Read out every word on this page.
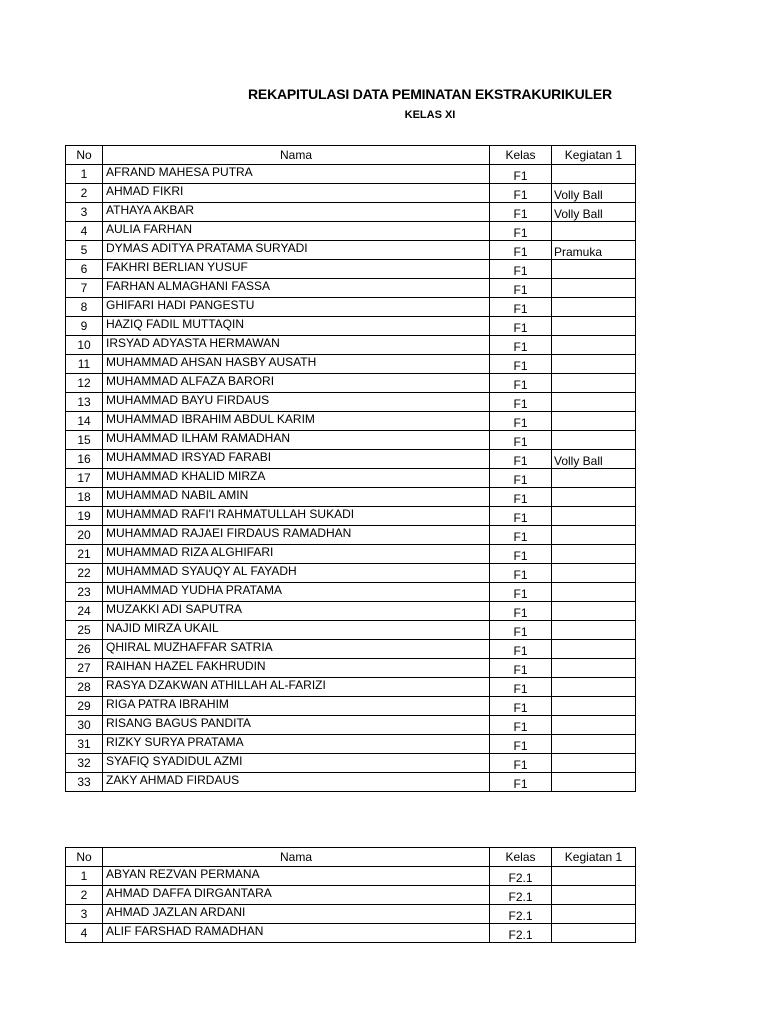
REKAPITULASI DATA PEMINATAN EKSTRAKURIKULER
KELAS XI
No	Nama	Kelas	Kegiatan 1
1	AFRAND MAHESA PUTRA	F1	
2	AHMAD FIKRI	F1	Volly Ball
3	ATHAYA AKBAR	F1	Volly Ball
4	AULIA FARHAN	F1	
5	DYMAS ADITYA PRATAMA SURYADI	F1	Pramuka
6	FAKHRI BERLIAN YUSUF	F1	
7	FARHAN ALMAGHANI FASSA	F1	
8	GHIFARI HADI PANGESTU	F1	
9	HAZIQ FADIL MUTTAQIN	F1	
10	IRSYAD ADYASTA HERMAWAN	F1	
11	MUHAMMAD AHSAN HASBY AUSATH	F1	
12	MUHAMMAD ALFAZA BARORI	F1	
13	MUHAMMAD BAYU FIRDAUS	F1	
14	MUHAMMAD IBRAHIM ABDUL KARIM	F1	
15	MUHAMMAD ILHAM RAMADHAN	F1	
16	MUHAMMAD IRSYAD FARABI	F1	Volly Ball
17	MUHAMMAD KHALID MIRZA	F1	
18	MUHAMMAD NABIL AMIN	F1	
19	MUHAMMAD RAFI'I RAHMATULLAH SUKADI	F1	
20	MUHAMMAD RAJAEI FIRDAUS RAMADHAN	F1	
21	MUHAMMAD RIZA ALGHIFARI	F1	
22	MUHAMMAD SYAUQY AL FAYADH	F1	
23	MUHAMMAD YUDHA PRATAMA	F1	
24	MUZAKKI ADI SAPUTRA	F1	
25	NAJID MIRZA UKAIL	F1	
26	QHIRAL MUZHAFFAR SATRIA	F1	
27	RAIHAN HAZEL FAKHRUDIN	F1	
28	RASYA DZAKWAN ATHILLAH AL-FARIZI	F1	
29	RIGA PATRA IBRAHIM	F1	
30	RISANG BAGUS PANDITA	F1	
31	RIZKY SURYA PRATAMA	F1	
32	SYAFIQ SYADIDUL AZMI	F1	
33	ZAKY AHMAD FIRDAUS	F1	
No	Nama	Kelas	Kegiatan 1
1	ABYAN REZVAN PERMANA	F2.1	
2	AHMAD DAFFA DIRGANTARA	F2.1	
3	AHMAD JAZLAN ARDANI	F2.1	
4	ALIF FARSHAD RAMADHAN	F2.1	
